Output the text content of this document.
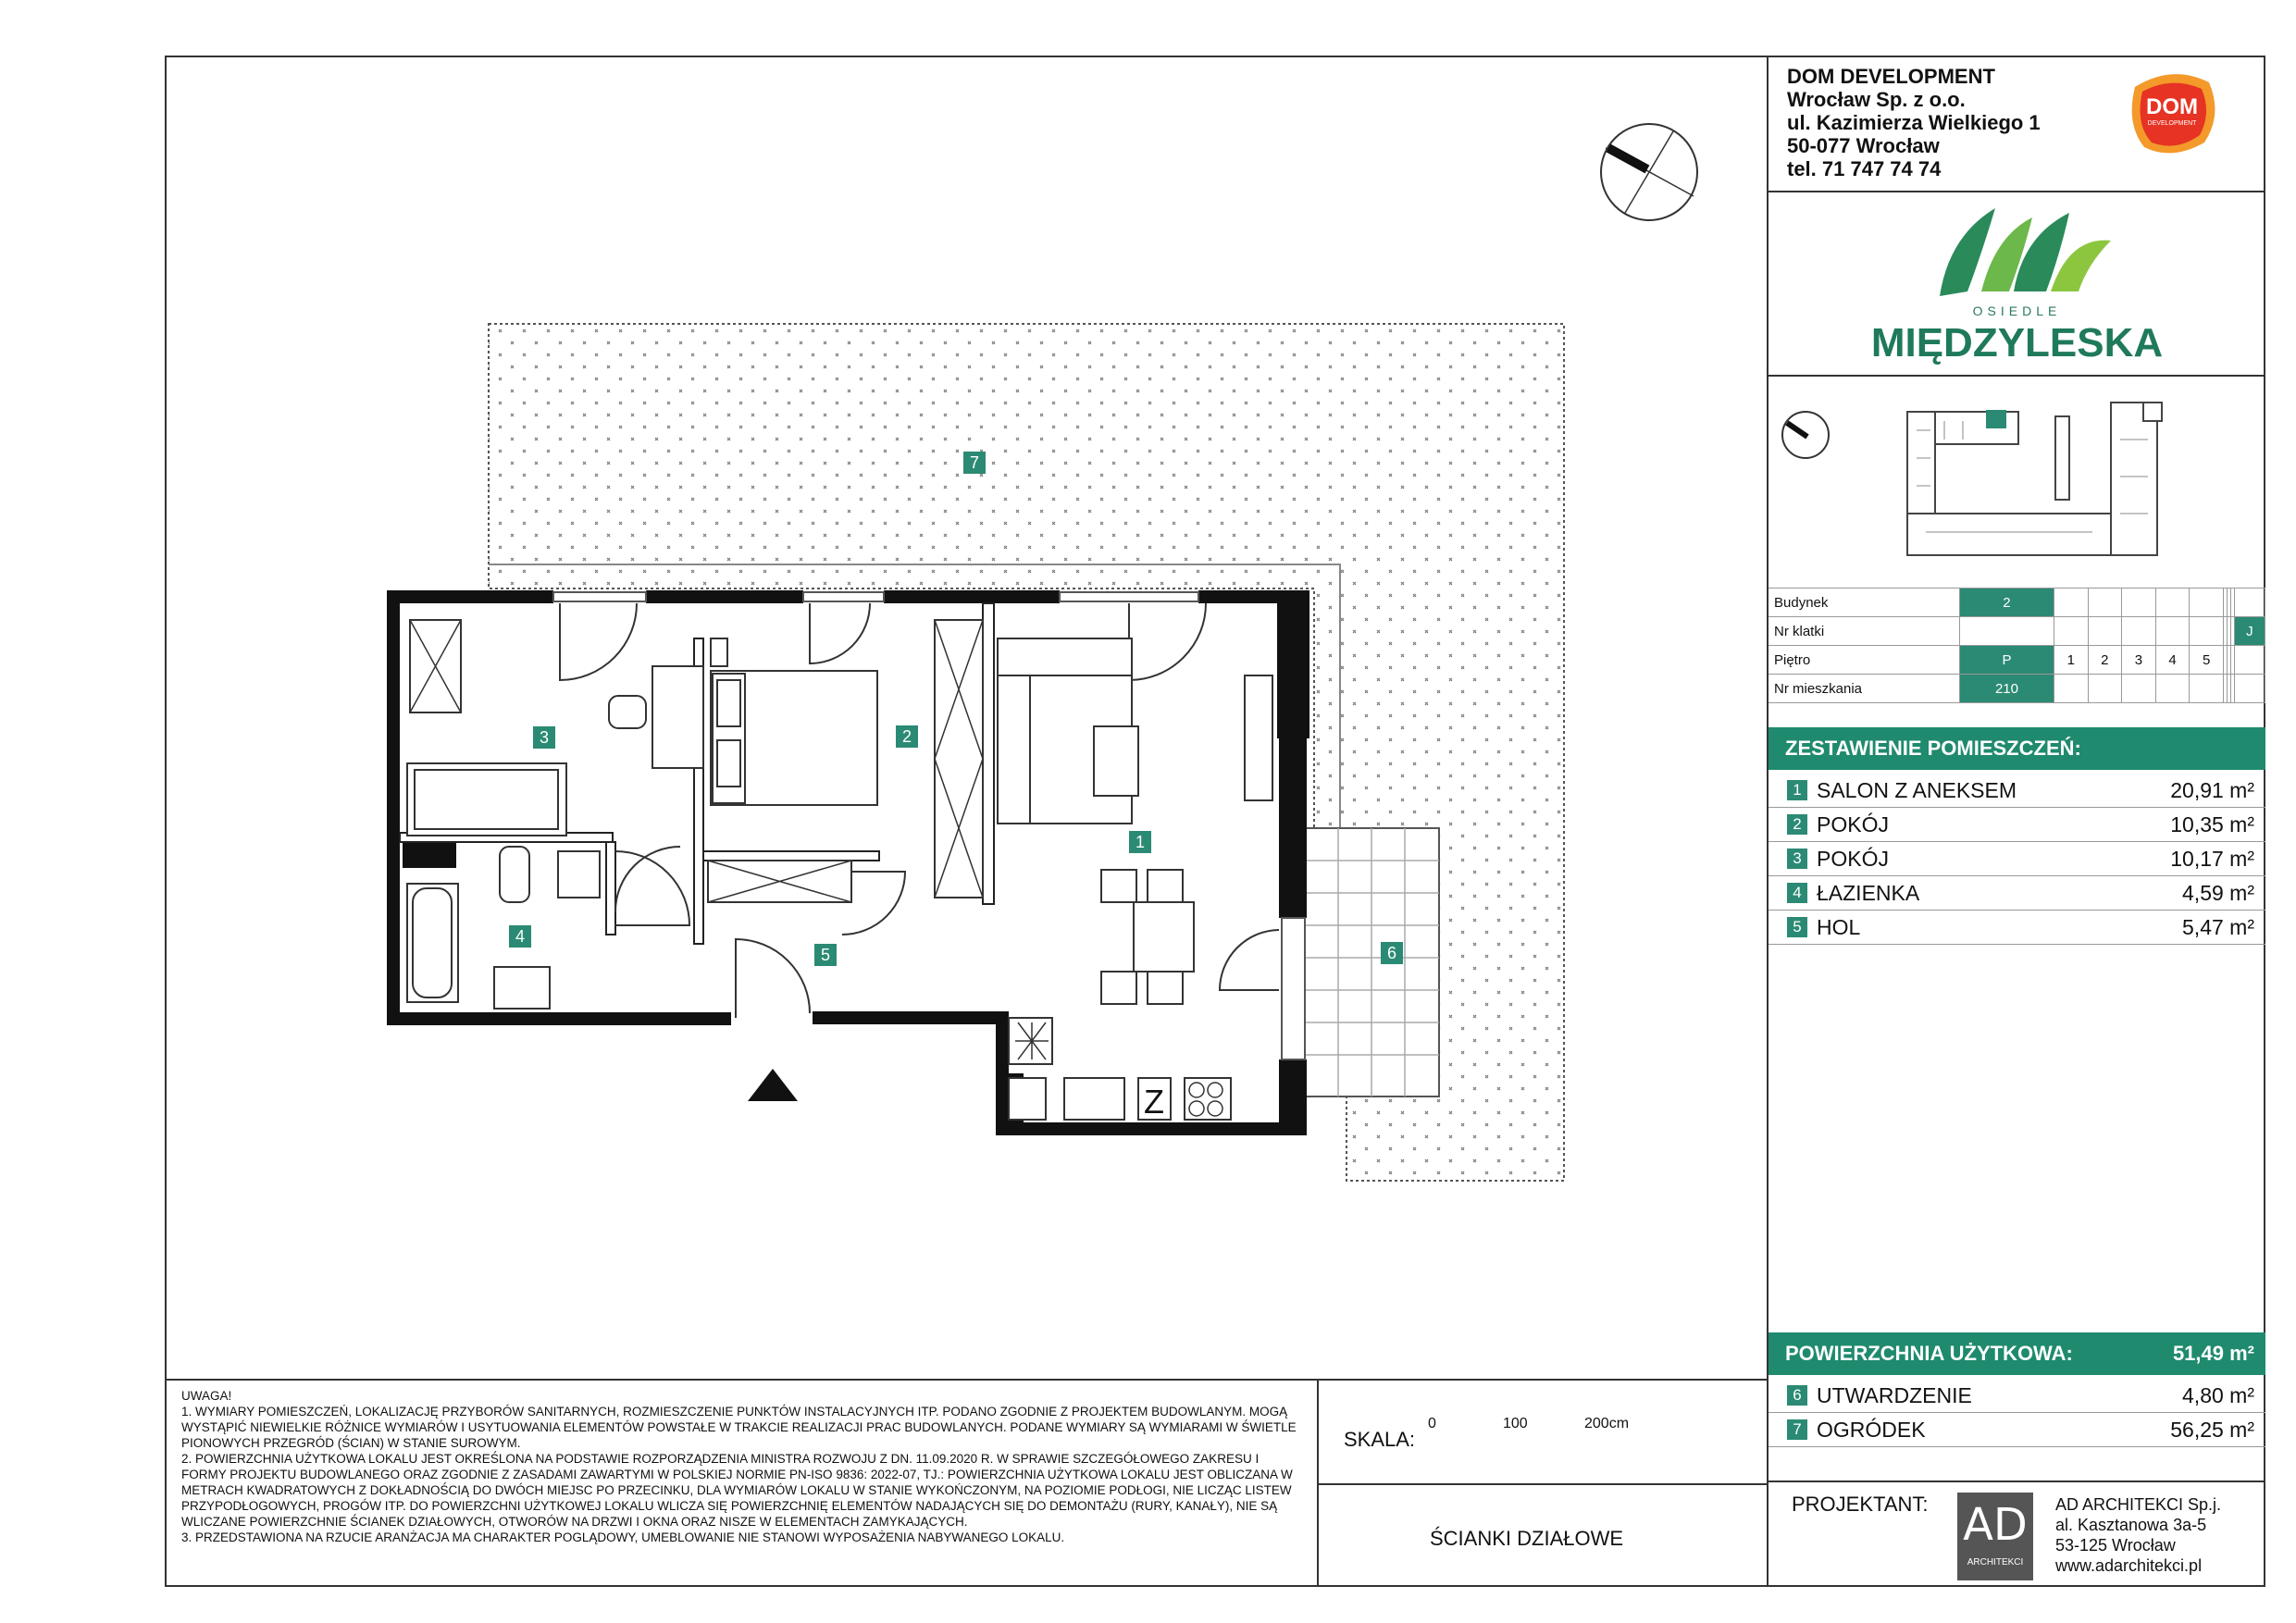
1
2
3
4
5	6
7
Z
SKALA:
0	100	200cm
ŚCIANKI DZIAŁOWE

UWAGA!

1. WYMIARY POMIESZCZEŃ, LOKALIZACJĘ PRZYBORÓW SANITARNYCH, ROZMIESZCZENIE PUNKTÓW INSTALACYJNYCH ITP. PODANO ZGODNIE Z PROJEKTEM BUDOWLANYM. MOGĄ WYSTĄPIĆ NIEWIELKIE RÓŻNICE WYMIARÓW I USYTUOWANIA ELEMENTÓW POWSTAŁE W TRAKCIE REALIZACJI PRAC BUDOWLANYCH. PODANE WYMIARY SĄ WYMIARAMI W ŚWIETLE PIONOWYCH PRZEGRÓD (ŚCIAN) W STANIE SUROWYM.

2. POWIERZCHNIA UŻYTKOWA LOKALU JEST OKREŚLONA NA PODSTAWIE ROZPORZĄDZENIA MINISTRA ROZWOJU Z DN. 11.09.2020 R. W SPRAWIE SZCZEGÓŁOWEGO ZAKRESU I FORMY PROJEKTU BUDOWLANEGO ORAZ ZGODNIE Z ZASADAMI ZAWARTYMI W POLSKIEJ NORMIE PN-ISO 9836: 2022-07, TJ.: POWIERZCHNIA UŻYTKOWA LOKALU JEST OBLICZANA W METRACH KWADRATOWYCH Z DOKŁADNOŚCIĄ DO DWÓCH MIEJSC PO PRZECINKU, DLA WYMIARÓW LOKALU W STANIE WYKOŃCZONYM, NA POZIOMIE PODŁOGI, NIE LICZĄC LISTEW PRZYPODŁOGOWYCH, PROGÓW ITP. DO POWIERZCHNI UŻYTKOWEJ LOKALU WLICZA SIĘ POWIERZCHNIĘ ELEMENTÓW NADAJĄCYCH SIĘ DO DEMONTAŻU (RURY, KANAŁY), NIE SĄ WLICZANE POWIERZCHNIE ŚCIANEK DZIAŁOWYCH, OTWORÓW NA DRZWI I OKNA ORAZ NISZE W ELEMENTACH ZAMYKAJĄCYCH.

3. PRZEDSTAWIONA NA RZUCIE ARANŻACJA MA CHARAKTER POGLĄDOWY, UMEBLOWANIE NIE STANOWI WYPOSAŻENIA NABYWANEGO LOKALU.

DOM DEVELOPMENT
Wrocław Sp. z o.o.
ul. Kazimierza Wielkiego 1
50-077 Wrocław
tel. 71 747 74 74
DOM
DEVELOPMENT
OSIEDLE
MIĘDZYLESKA
Budynek	2									
Nr klatki										J
Piętro	P	1	2	3	4	5				
Nr mieszkania	210									
ZESTAWIENIE POMIESZCZEŃ:
1 SALON Z ANEKSEM	20,91 m²
2 POKÓJ	10,35 m²
3 POKÓJ	10,17 m²
4 ŁAZIENKA	4,59 m²
5 HOL	5,47 m²
POWIERZCHNIA UŻYTKOWA:	51,49 m²
6 UTWARDZENIE	4,80 m²
7 OGRÓDEK	56,25 m²
PROJEKTANT: AD
ARCHITEKCI
AD ARCHITEKCI Sp.j.
al. Kasztanowa 3a-5
53-125 Wrocław
www.adarchitekci.pl
